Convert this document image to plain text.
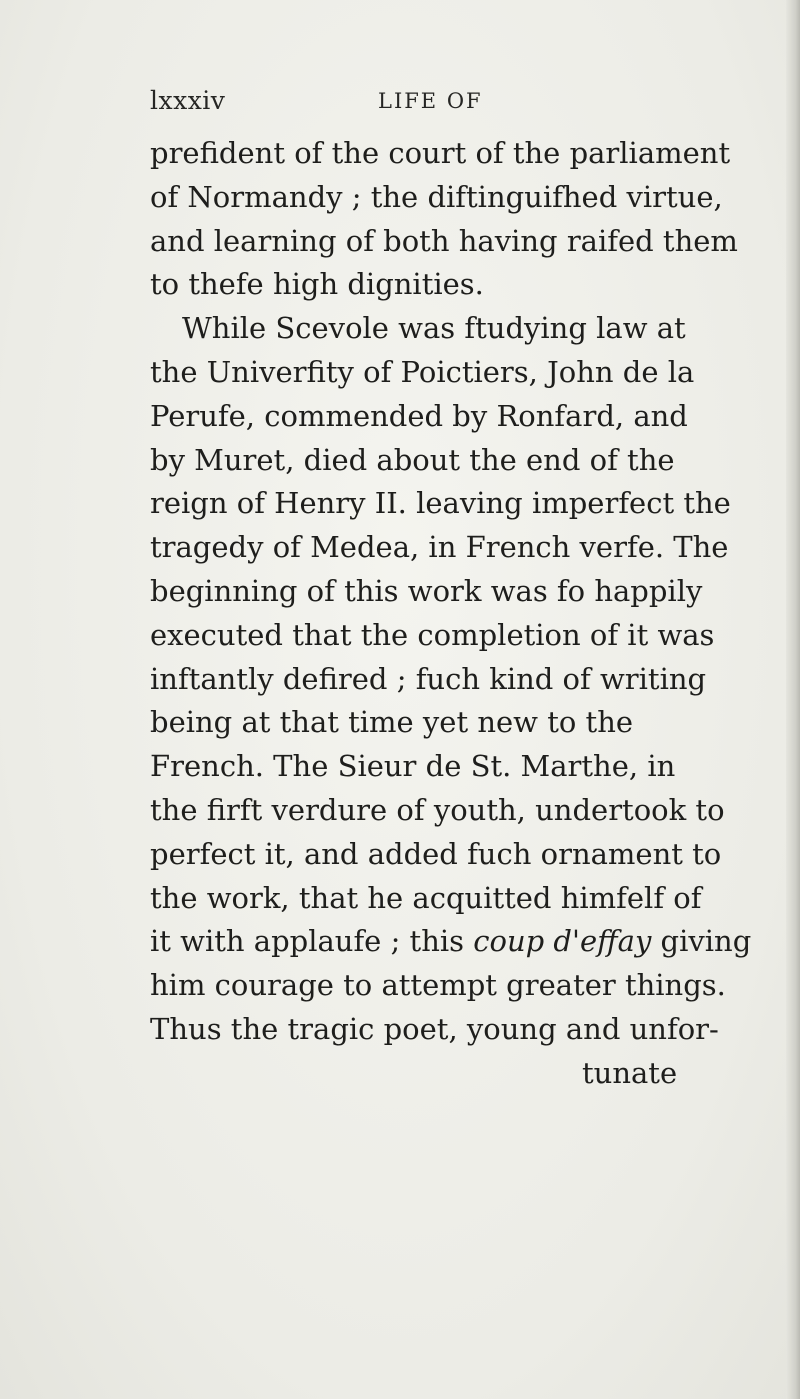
lxxxiv	LIFE OF
prefident of the court of the parliament
of Normandy ; the diftinguifhed virtue,
and learning of both having raifed them
to thefe high dignities.
While Scevole was ftudying law at
the Univerfity of Poictiers, John de la
Perufe, commended by Ronfard, and
by Muret, died about the end of the
reign of Henry II. leaving imperfect the
tragedy of Medea, in French verfe. The
beginning of this work was fo happily
executed that the completion of it was
inftantly defired ; fuch kind of writing
being at that time yet new to the
French. The Sieur de St. Marthe, in
the firft verdure of youth, undertook to
perfect it, and added fuch ornament to
the work, that he acquitted himfelf of
it with applaufe ; this coup d'effay giving
him courage to attempt greater things.
Thus the tragic poet, young and unfor-
tunate
